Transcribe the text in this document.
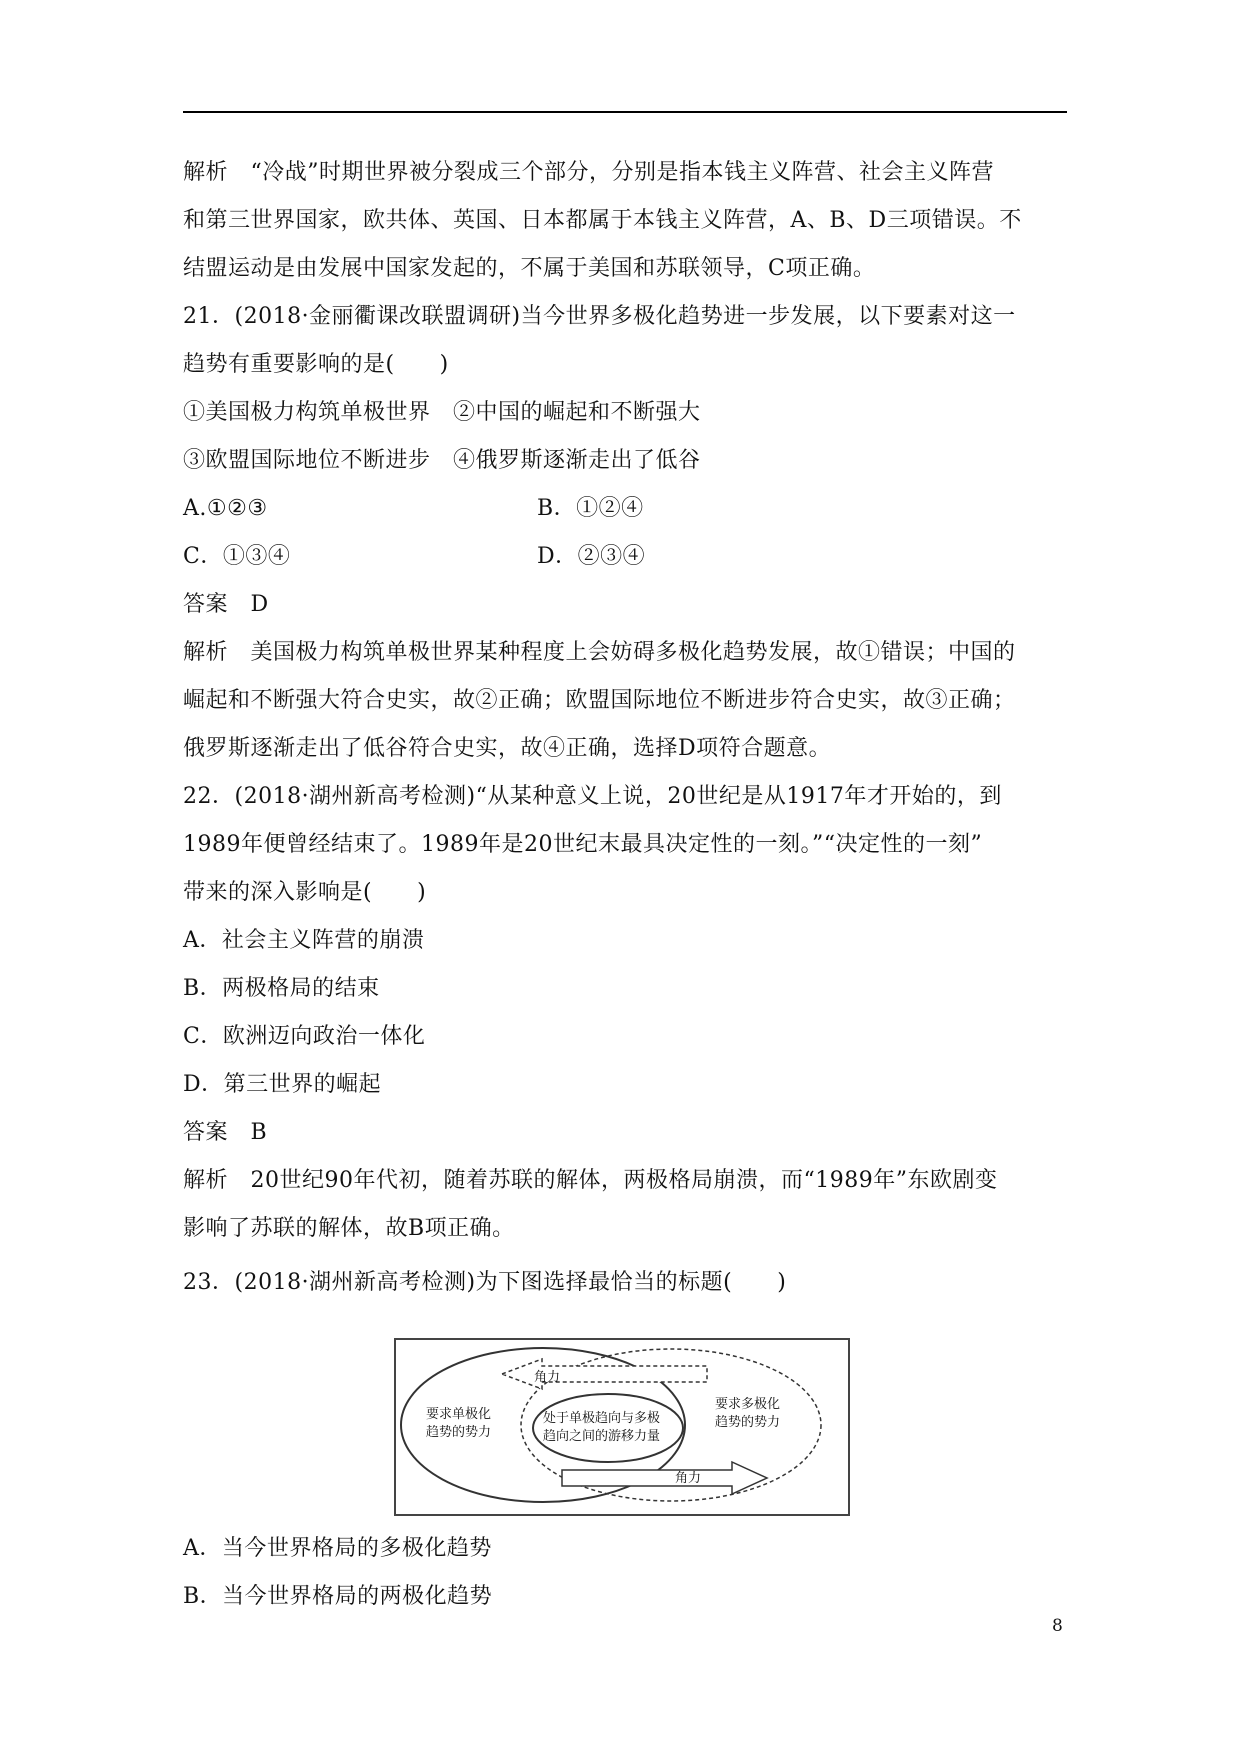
解析　“冷战”时期世界被分裂成三个部分，分别是指本钱主义阵营、社会主义阵营
和第三世界国家，欧共体、英国、日本都属于本钱主义阵营，A、B、D三项错误。不
结盟运动是由发展中国家发起的，不属于美国和苏联领导，C项正确。
21．(2018·金丽衢课改联盟调研)当今世界多极化趋势进一步发展，以下要素对这一
趋势有重要影响的是(　　)
①美国极力构筑单极世界　②中国的崛起和不断强大
③欧盟国际地位不断进步　④俄罗斯逐渐走出了低谷
A.①②③	B．①②④
C．①③④	D．②③④
答案　D
解析　美国极力构筑单极世界某种程度上会妨碍多极化趋势发展，故①错误；中国的
崛起和不断强大符合史实，故②正确；欧盟国际地位不断进步符合史实，故③正确；
俄罗斯逐渐走出了低谷符合史实，故④正确，选择D项符合题意。
22．(2018·湖州新高考检测)“从某种意义上说，20世纪是从1917年才开始的，到
1989年便曾经结束了。1989年是20世纪末最具决定性的一刻。”“决定性的一刻”
带来的深入影响是(　　)
A．社会主义阵营的崩溃
B．两极格局的结束
C．欧洲迈向政治一体化
D．第三世界的崛起
答案　B
解析　20世纪90年代初，随着苏联的解体，两极格局崩溃，而“1989年”东欧剧变
影响了苏联的解体，故B项正确。
23．(2018·湖州新高考检测)为下图选择最恰当的标题(　　)
角力
角力
要求单极化
趋势的势力
处于单极趋向与多极
趋向之间的游移力量
要求多极化
趋势的势力
A．当今世界格局的多极化趋势
B．当今世界格局的两极化趋势
8
